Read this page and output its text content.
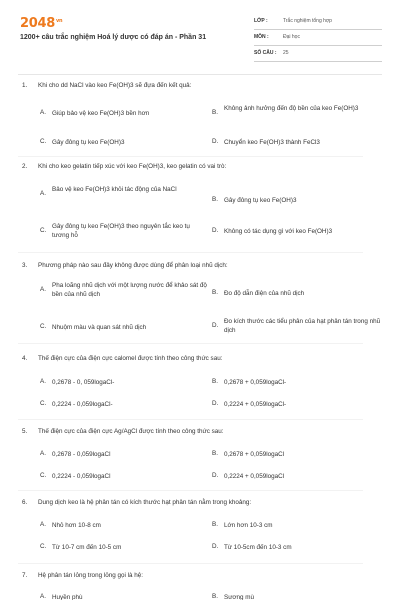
$2048^{vn}$
1200+ câu trắc nghiệm Hoá lý dược có đáp án - Phần 31
LỚP :	Trắc nghiệm tổng hợp
MÔN :	Đại học
SỐ CÂU : 25
1. Khi cho dd NaCl vào keo Fe(OH)3 sẽ đựa đến kết quả:
A. Giúp bảo vệ keo Fe(OH)3 bền hơn	B.
Không ảnh hưởng đến độ bền của keo Fe(OH)3
C. Gây đông tụ keo Fe(OH)3	D. Chuyển keo Fe(OH)3 thành FeCl3
2. Khi cho keo gelatin tiếp xúc với keo Fe(OH)3, keo gelatin có vai trò:
A.
Bảo vệ keo Fe(OH)3 khỏi tác động của NaCl
B. Gây đông tụ keo Fe(OH)3
C.
Gây đông tụ keo Fe(OH)3 theo nguyên tắc keo tụ tương hỗ
D. Không có tác dụng gì với keo Fe(OH)3
3. Phương pháp nào sau đây không được dùng để phân loại nhũ dịch:
A.
Pha loãng nhũ dịch với một lượng nước để khảo sát độ bền của nhũ dịch	B. Đo độ dẫn điện của nhũ dịch
C. Nhuộm màu và quan sát nhũ dịch	D.
Đo kích thước các tiểu phân của hạt phân tán trong nhũ dịch
4. Thế điện cực của điện cực calomel được tính theo công thức sau:
A. 0,2678 - 0, 059logaCl-	B. 0,2678 + 0,059logaCl-
C. 0,2224 - 0,059logaCl-	D. 0,2224 + 0,059logaCl-
5. Thế điện cực của điện cực Ag/AgCl được tính theo công thức sau:
A. 0,2678 - 0,059logaCl	B. 0,2678 + 0,059logaCl
C. 0,2224 - 0,059logaCl	D. 0,2224 + 0,059logaCl
6. Dung dịch keo là hệ phân tán có kích thước hạt phân tán nằm trong khoảng:
A. Nhỏ hơn 10-8 cm	B. Lớn hơn 10-3 cm
C. Từ 10-7 cm đến 10-5 cm	D. Từ 10-5cm đến 10-3 cm
7. Hệ phân tán lỏng trong lỏng gọi là hệ:
A. Huyền phù	B. Sương mù
